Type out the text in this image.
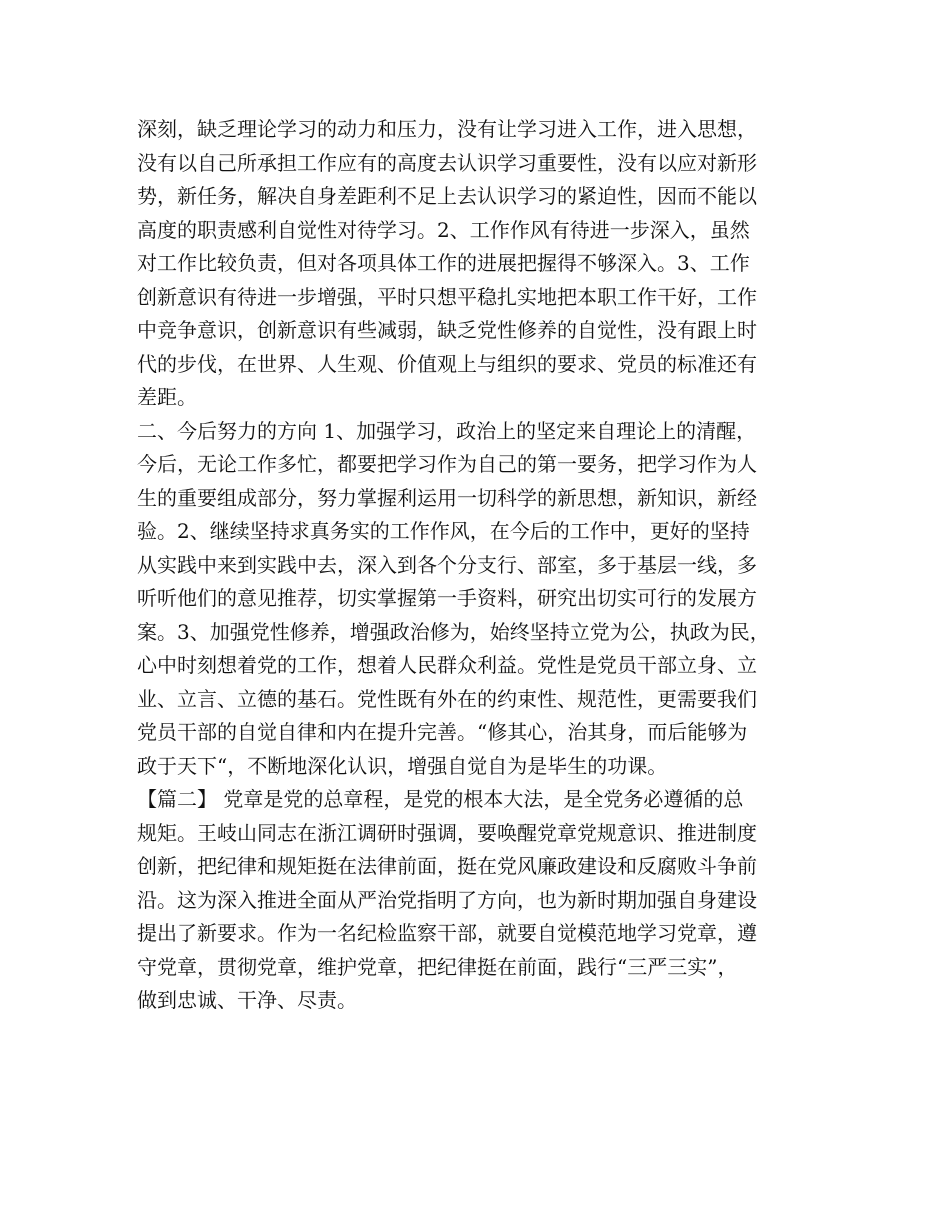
深刻，缺乏理论学习的动力和压力，没有让学习进入工作，进入思想，
没有以自己所承担工作应有的高度去认识学习重要性，没有以应对新形
势，新任务，解决自身差距利不足上去认识学习的紧迫性，因而不能以
高度的职责感利自觉性对待学习。2、工作作风有待进一步深入，虽然
对工作比较负责，但对各项具体工作的进展把握得不够深入。3、工作
创新意识有待进一步增强，平时只想平稳扎实地把本职工作干好，工作
中竞争意识，创新意识有些减弱，缺乏党性修养的自觉性，没有跟上时
代的步伐，在世界、人生观、价值观上与组织的要求、党员的标准还有
差距。
二、今后努力的方向 1、加强学习，政治上的坚定来自理论上的清醒，
今后，无论工作多忙，都要把学习作为自己的第一要务，把学习作为人
生的重要组成部分，努力掌握利运用一切科学的新思想，新知识，新经
验。2、继续坚持求真务实的工作作风，在今后的工作中，更好的坚持
从实践中来到实践中去，深入到各个分支行、部室，多于基层一线，多
听听他们的意见推荐，切实掌握第一手资料，研究出切实可行的发展方
案。3、加强党性修养，增强政治修为，始终坚持立党为公，执政为民，
心中时刻想着党的工作，想着人民群众利益。党性是党员干部立身、立
业、立言、立德的基石。党性既有外在的约束性、规范性，更需要我们
党员干部的自觉自律和内在提升完善。“修其心，治其身，而后能够为
政于天下“，不断地深化认识，增强自觉自为是毕生的功课。
【篇二】 党章是党的总章程，是党的根本大法，是全党务必遵循的总
规矩。王岐山同志在浙江调研时强调，要唤醒党章党规意识、推进制度
创新，把纪律和规矩挺在法律前面，挺在党风廉政建设和反腐败斗争前
沿。这为深入推进全面从严治党指明了方向，也为新时期加强自身建设
提出了新要求。作为一名纪检监察干部，就要自觉模范地学习党章，遵
守党章，贯彻党章，维护党章，把纪律挺在前面，践行“三严三实”，
做到忠诚、干净、尽责。
